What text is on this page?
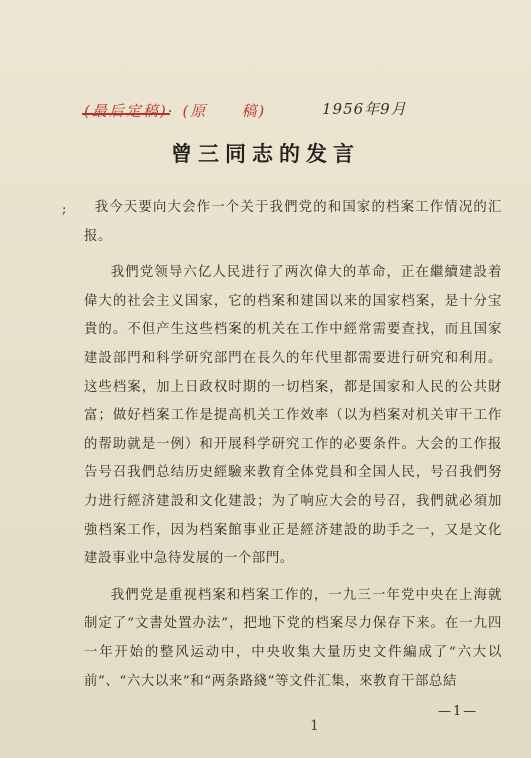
(最后定稿)· (原　　稿)	1956年9月
曾三同志的发言
;	我今天要向大会作一个关于我們党的和国家的档案工作情况的汇报。

我們党领导六亿人民进行了两次偉大的革命，正在繼續建設着偉大的社会主义国家，它的档案和建国以来的国家档案，是十分宝貴的。不但产生这些档案的机关在工作中經常需要查找，而且国家建設部門和科学研究部門在長久的年代里都需要进行研究和利用。这些档案，加上日政权时期的一切档案，都是国家和人民的公共財富；做好档案工作是提高机关工作效率（以为档案对机关审干工作的帮助就是一例）和开展科学研究工作的必要条件。大会的工作报告号召我們总结历史經驗来教育全体党員和全国人民，号召我們努力进行經济建設和文化建設；为了响应大会的号召，我們就必須加強档案工作，因为档案館事业正是經济建設的助手之一，又是文化建設事业中急待发展的一个部門。

我們党是重视档案和档案工作的，一九三一年党中央在上海就制定了“文書处置办法”，把地下党的档案尽力保存下来。在一九四一年开始的整风运动中，中央收集大量历史文件編成了“六大以前”、“六大以来”和“两条路綫”等文件汇集，來教育干部总結

—1—
1
